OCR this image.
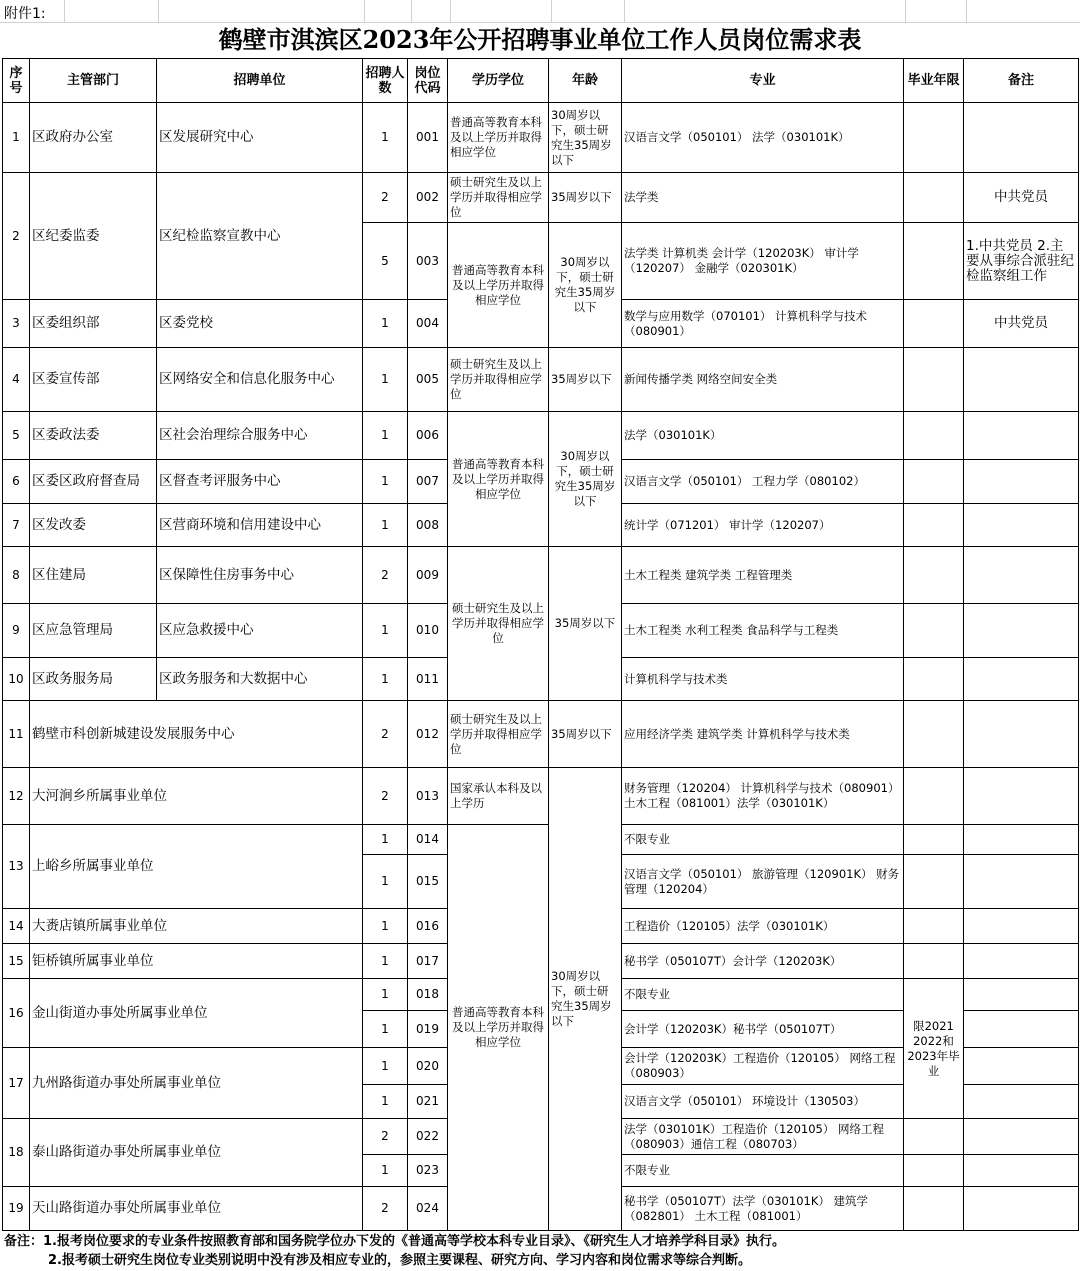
附件1:
鹤壁市淇滨区2023年公开招聘事业单位工作人员岗位需求表
序号	主管部门	招聘单位	招聘人数	岗位代码	学历学位	年龄	专业	毕业年限	备注
1	区政府办公室	区发展研究中心	1	001	普通高等教育本科及以上学历并取得相应学位	30周岁以下，硕士研究生35周岁以下	汉语言文学（050101） 法学（030101K）		
2	区纪委监委	区纪检监察宣教中心	2	002	硕士研究生及以上学历并取得相应学位	35周岁以下	法学类		中共党员
			5	003	普通高等教育本科及以上学历并取得相应学位	30周岁以下，硕士研究生35周岁以下	法学类 计算机类 会计学（120203K） 审计学（120207） 金融学（020301K）		1.中共党员 2.主要从事综合派驻纪检监察组工作
3	区委组织部	区委党校	1	004			数学与应用数学（070101） 计算机科学与技术（080901）		中共党员
4	区委宣传部	区网络安全和信息化服务中心	1	005	硕士研究生及以上学历并取得相应学位	35周岁以下	新闻传播学类 网络空间安全类		
5	区委政法委	区社会治理综合服务中心	1	006	普通高等教育本科及以上学历并取得相应学位	30周岁以下，硕士研究生35周岁以下	法学（030101K）		
6	区委区政府督查局	区督查考评服务中心	1	007			汉语言文学（050101） 工程力学（080102）		
7	区发改委	区营商环境和信用建设中心	1	008			统计学（071201） 审计学（120207）		
8	区住建局	区保障性住房事务中心	2	009	硕士研究生及以上学历并取得相应学位	35周岁以下	土木工程类 建筑学类 工程管理类		
9	区应急管理局	区应急救援中心	1	010			土木工程类 水利工程类 食品科学与工程类		
10	区政务服务局	区政务服务和大数据中心	1	011			计算机科学与技术类		
11	鹤壁市科创新城建设发展服务中心		2	012	硕士研究生及以上学历并取得相应学位	35周岁以下	应用经济学类 建筑学类 计算机科学与技术类		
12	大河涧乡所属事业单位		2	013	国家承认本科及以上学历	30周岁以下，硕士研究生35周岁以下	财务管理（120204） 计算机科学与技术（080901） 土木工程（081001）法学（030101K）		
13	上峪乡所属事业单位		1	014	普通高等教育本科及以上学历并取得相应学位		不限专业		
			1	015			汉语言文学（050101） 旅游管理（120901K） 财务管理（120204）		
14	大赉店镇所属事业单位		1	016			工程造价（120105）法学（030101K）		
15	钜桥镇所属事业单位		1	017			秘书学（050107T）会计学（120203K）		
16	金山街道办事处所属事业单位		1	018			不限专业	限2021 2022和2023年毕业	
			1	019			会计学（120203K）秘书学（050107T）		
17	九州路街道办事处所属事业单位		1	020			会计学（120203K）工程造价（120105） 网络工程（080903）		
			1	021			汉语言文学（050101） 环境设计（130503）		
18	泰山路街道办事处所属事业单位		2	022			法学（030101K）工程造价（120105） 网络工程（080903）通信工程（080703）		
			1	023			不限专业		
19	天山路街道办事处所属事业单位		2	024			秘书学（050107T）法学（030101K） 建筑学（082801） 土木工程（081001）		
备注：1.报考岗位要求的专业条件按照教育部和国务院学位办下发的《普通高等学校本科专业目录》、《研究生人才培养学科目录》执行。
2.报考硕士研究生岗位专业类别说明中没有涉及相应专业的，参照主要课程、研究方向、学习内容和岗位需求等综合判断。
